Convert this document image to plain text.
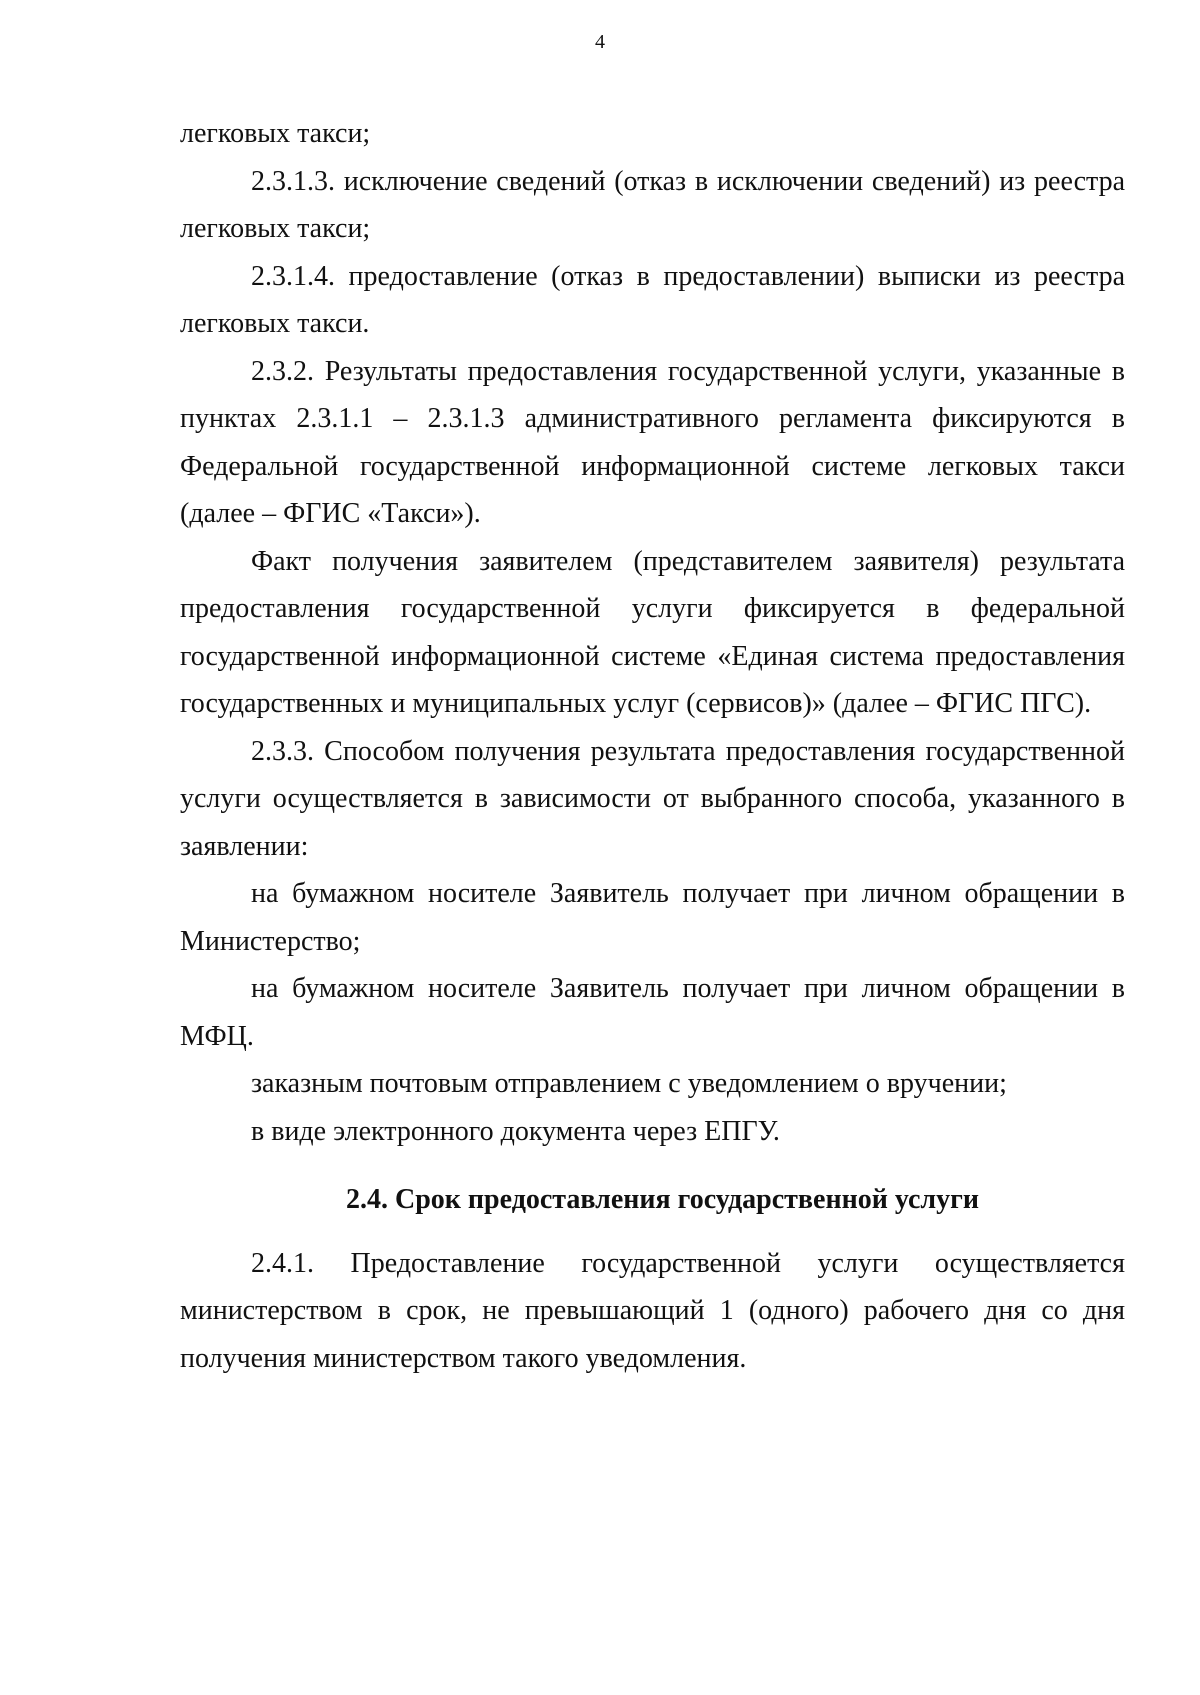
4

легковых такси;

2.3.1.3. исключение сведений (отказ в исключении сведений) из реестра легковых такси;

2.3.1.4. предоставление (отказ в предоставлении) выписки из реестра легковых такси.

2.3.2. Результаты предоставления государственной услуги, указанные в пунктах 2.3.1.1 – 2.3.1.3 административного регламента фиксируются в Федеральной государственной информационной системе легковых такси (далее – ФГИС «Такси»).

Факт получения заявителем (представителем заявителя) результата предоставления государственной услуги фиксируется в федеральной государственной информационной системе «Единая система предоставления государственных и муниципальных услуг (сервисов)» (далее – ФГИС ПГС).

2.3.3. Способом получения результата предоставления государственной услуги осуществляется в зависимости от выбранного способа, указанного в заявлении:

на бумажном носителе Заявитель получает при личном обращении в Министерство;

на бумажном носителе Заявитель получает при личном обращении в МФЦ.

заказным почтовым отправлением с уведомлением о вручении;

в виде электронного документа через ЕПГУ.

2.4. Срок предоставления государственной услуги

2.4.1. Предоставление государственной услуги осуществляется министерством в срок, не превышающий 1 (одного) рабочего дня со дня получения министерством такого уведомления.
